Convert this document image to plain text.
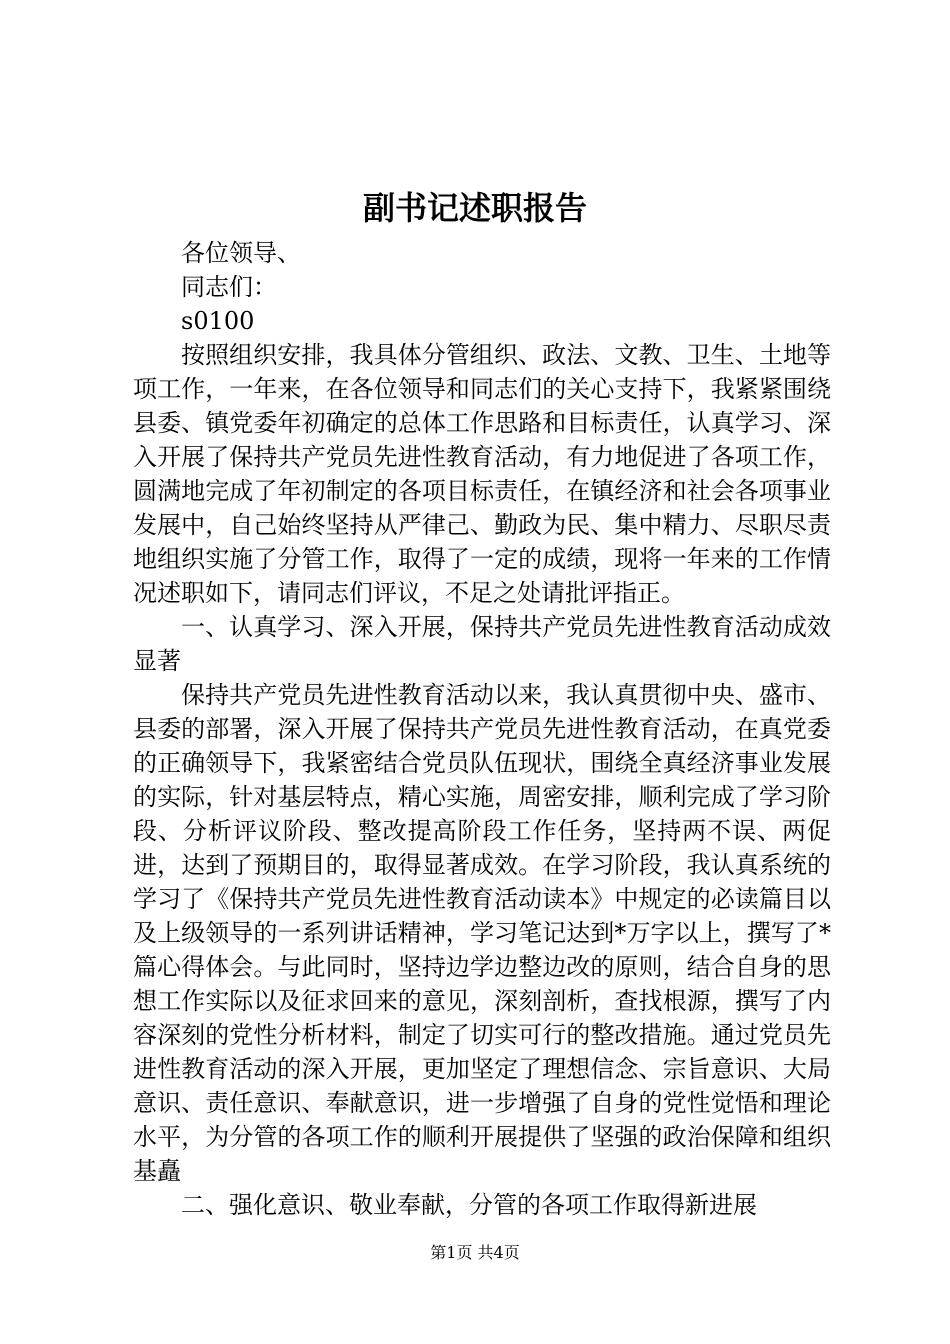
副书记述职报告

各位领导、

同志们：

s0100

按照组织安排，我具体分管组织、政法、文教、卫生、土地等项工作，一年来，在各位领导和同志们的关心支持下，我紧紧围绕县委、镇党委年初确定的总体工作思路和目标责任，认真学习、深入开展了保持共产党员先进性教育活动，有力地促进了各项工作，圆满地完成了年初制定的各项目标责任，在镇经济和社会各项事业发展中，自己始终坚持从严律己、勤政为民、集中精力、尽职尽责地组织实施了分管工作，取得了一定的成绩，现将一年来的工作情况述职如下，请同志们评议，不足之处请批评指正。

一、认真学习、深入开展，保持共产党员先进性教育活动成效显著

保持共产党员先进性教育活动以来，我认真贯彻中央、盛市、县委的部署，深入开展了保持共产党员先进性教育活动，在真党委的正确领导下，我紧密结合党员队伍现状，围绕全真经济事业发展的实际，针对基层特点，精心实施，周密安排，顺利完成了学习阶段、分析评议阶段、整改提高阶段工作任务，坚持两不误、两促进，达到了预期目的，取得显著成效。在学习阶段，我认真系统的学习了《保持共产党员先进性教育活动读本》中规定的必读篇目以及上级领导的一系列讲话精神，学习笔记达到*万字以上，撰写了*篇心得体会。与此同时，坚持边学边整边改的原则，结合自身的思想工作实际以及征求回来的意见，深刻剖析，查找根源，撰写了内容深刻的党性分析材料，制定了切实可行的整改措施。通过党员先进性教育活动的深入开展，更加坚定了理想信念、宗旨意识、大局意识、责任意识、奉献意识，进一步增强了自身的党性觉悟和理论水平，为分管的各项工作的顺利开展提供了坚强的政治保障和组织基矗

二、强化意识、敬业奉献，分管的各项工作取得新进展

第1页 共4页
